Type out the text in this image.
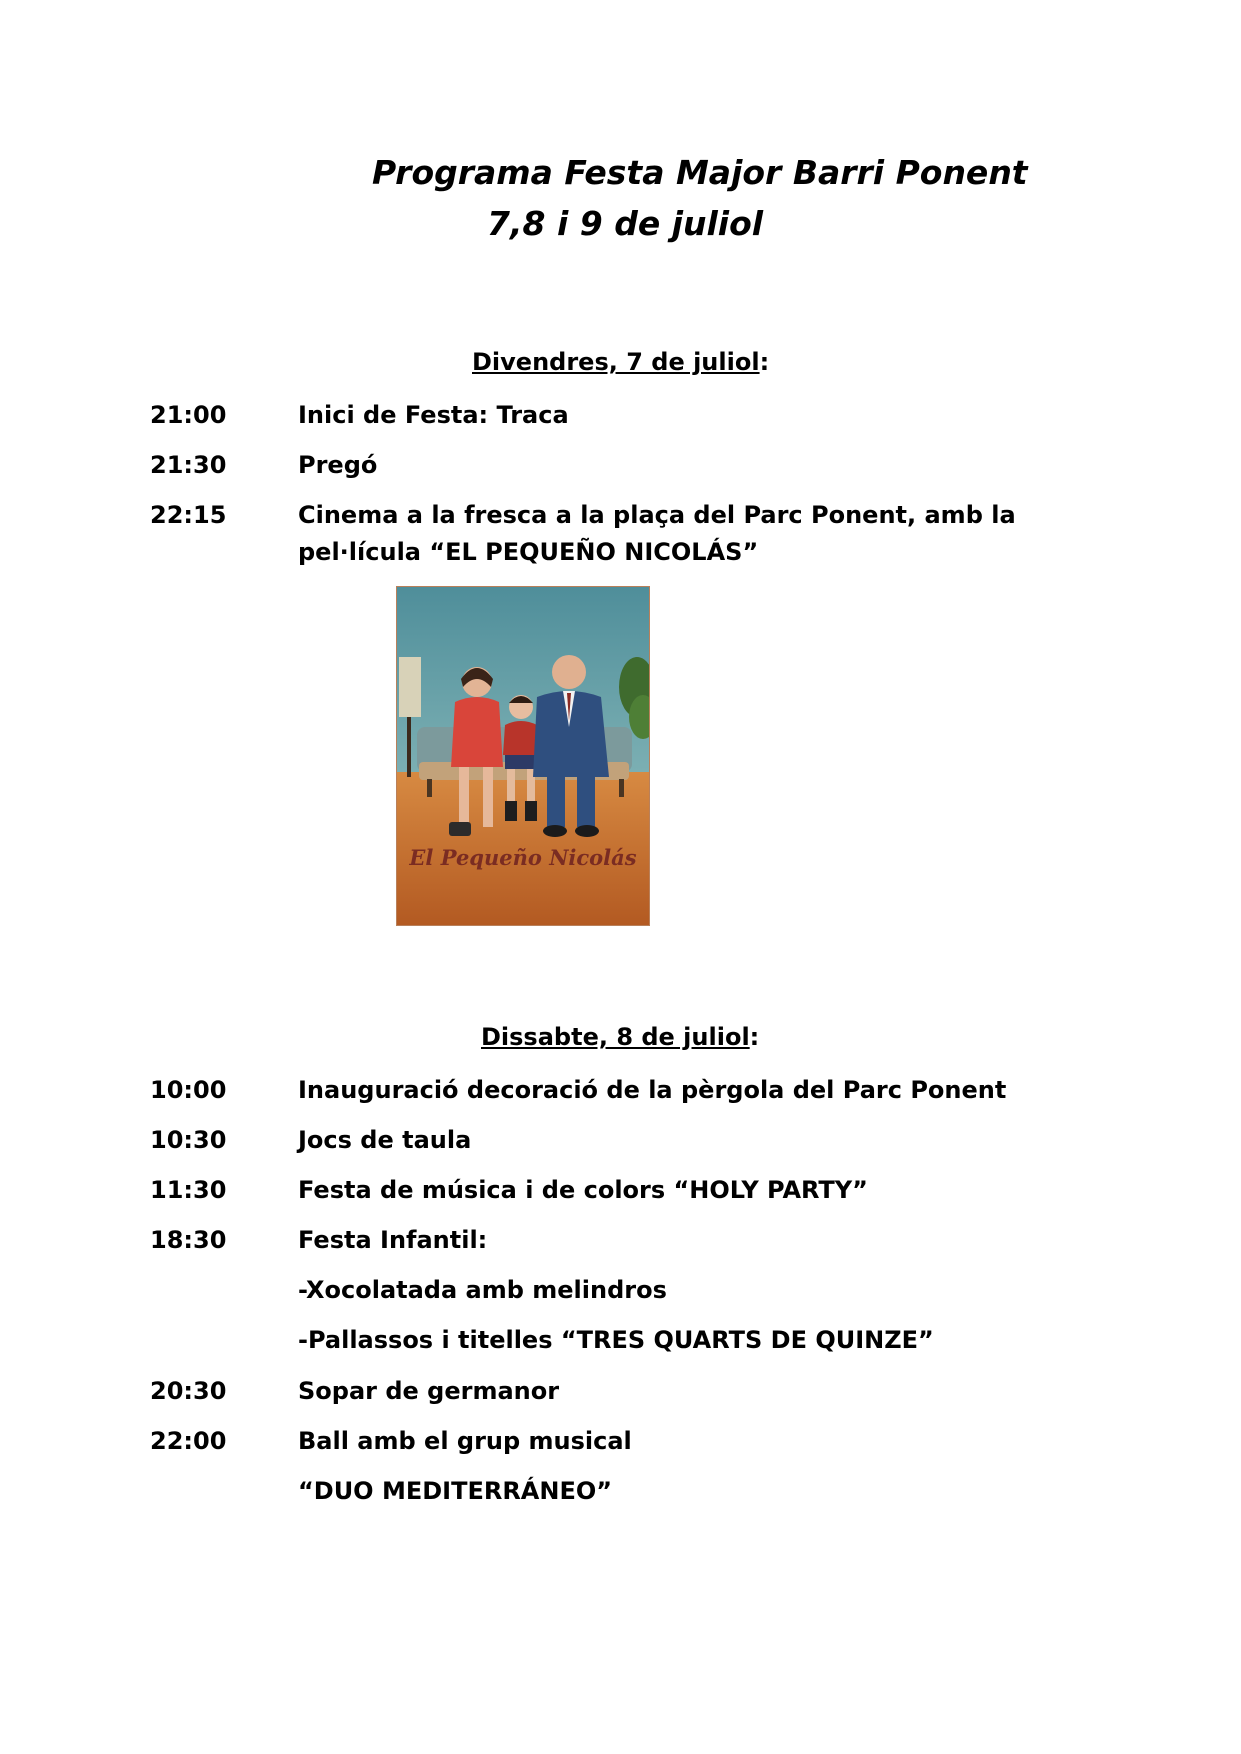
Programa Festa Major Barri Ponent
7,8 i 9 de juliol
Divendres, 7 de juliol:
21:00	Inici de Festa: Traca
21:30	Pregó
22:15	Cinema a la fresca a la plaça del Parc Ponent, amb la pel·lícula “EL PEQUEÑO NICOLÁS”
El Pequeño Nicolás
Dissabte, 8 de juliol:
10:00	Inauguració decoració de la pèrgola del Parc Ponent
10:30	Jocs de taula
11:30	Festa de música i de colors “HOLY PARTY”
18:30	Festa Infantil:
-Xocolatada amb melindros
-Pallassos i titelles “TRES QUARTS DE QUINZE”
20:30	Sopar de germanor
22:00	Ball amb el grup musical
“DUO MEDITERRÁNEO”
